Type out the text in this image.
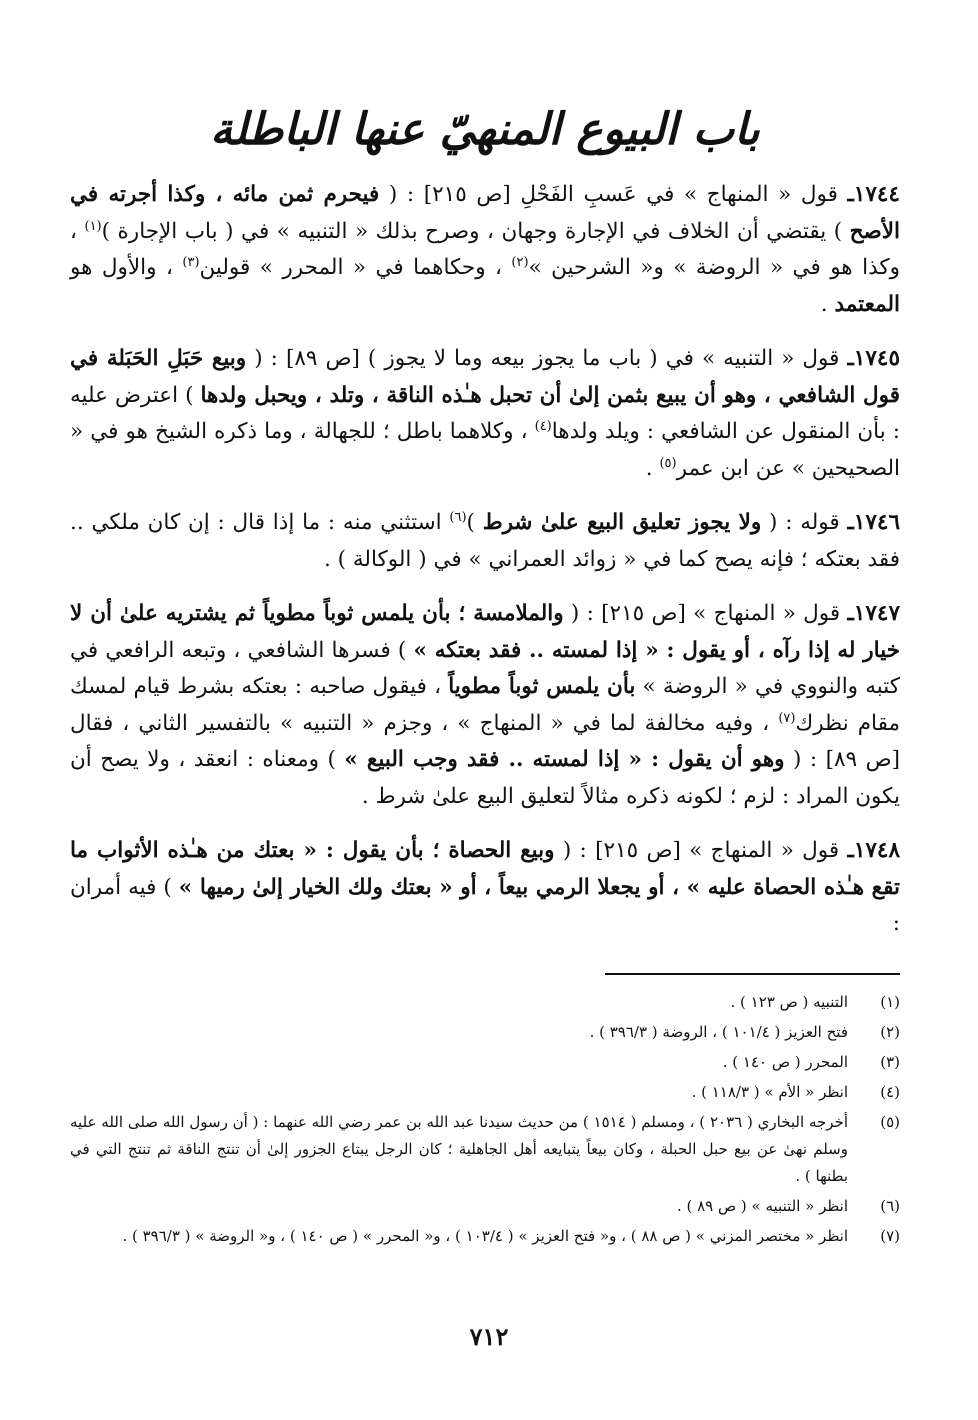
باب البيوع المنهيّ عنها الباطلة

١٧٤٤ـ قول « المنهاج » في عَسبِ الفَحْلِ [ص ٢١٥] : ( فيحرم ثمن مائه ، وكذا أجرته في الأصح ) يقتضي أن الخلاف في الإجارة وجهان ، وصرح بذلك « التنبيه » في ( باب الإجارة )$^{(١)}$ ، وكذا هو في « الروضة » و« الشرحين »$^{(٢)}$ ، وحكاهما في « المحرر » قولين$^{(٣)}$ ، والأول هو المعتمد .

١٧٤٥ـ قول « التنبيه » في ( باب ما يجوز بيعه وما لا يجوز ) [ص ٨٩] : ( وبيع حَبَلِ الحَبَلة في قول الشافعي ، وهو أن يبيع بثمن إلىٰ أن تحبل هـٰذه الناقة ، وتلد ، ويحبل ولدها ) اعترض عليه : بأن المنقول عن الشافعي : ويلد ولدها$^{(٤)}$ ، وكلاهما باطل ؛ للجهالة ، وما ذكره الشيخ هو في « الصحيحين » عن ابن عمر$^{(٥)}$ .

١٧٤٦ـ قوله : ( ولا يجوز تعليق البيع علىٰ شرط )$^{(٦)}$ استثني منه : ما إذا قال : إن كان ملكي .. فقد بعتكه ؛ فإنه يصح كما في « زوائد العمراني » في ( الوكالة ) .

١٧٤٧ـ قول « المنهاج » [ص ٢١٥] : ( والملامسة ؛ بأن يلمس ثوباً مطوياً ثم يشتريه علىٰ أن لا خيار له إذا رآه ، أو يقول : « إذا لمسته .. فقد بعتكه » ) فسرها الشافعي ، وتبعه الرافعي في كتبه والنووي في « الروضة » بأن يلمس ثوباً مطوياً ، فيقول صاحبه : بعتكه بشرط قيام لمسك مقام نظرك$^{(٧)}$ ، وفيه مخالفة لما في « المنهاج » ، وجزم « التنبيه » بالتفسير الثاني ، فقال [ص ٨٩] : ( وهو أن يقول : « إذا لمسته .. فقد وجب البيع » ) ومعناه : انعقد ، ولا يصح أن يكون المراد : لزم ؛ لكونه ذكره مثالاً لتعليق البيع علىٰ شرط .

١٧٤٨ـ قول « المنهاج » [ص ٢١٥] : ( وبيع الحصاة ؛ بأن يقول : « بعتك من هـٰذه الأثواب ما تقع هـٰذه الحصاة عليه » ، أو يجعلا الرمي بيعاً ، أو « بعتك ولك الخيار إلىٰ رميها » ) فيه أمران :

(١)
التنبيه ( ص ١٢٣ ) .
(٢)
فتح العزيز ( ١٠١/٤ ) ، الروضة ( ٣٩٦/٣ ) .
(٣)
المحرر ( ص ١٤٠ ) .
(٤)
انظر « الأم » ( ١١٨/٣ ) .
(٥)
أخرجه البخاري ( ٢٠٣٦ ) ، ومسلم ( ١٥١٤ ) من حديث سيدنا عبد الله بن عمر رضي الله عنهما : ( أن رسول الله صلى الله عليه وسلم نهىٰ عن بيع حبل الحبلة ، وكان بيعاً يتبايعه أهل الجاهلية ؛ كان الرجل يبتاع الجزور إلىٰ أن تنتج الناقة ثم تنتج التي في بطنها ) .
(٦)
انظر « التنبيه » ( ص ٨٩ ) .
(٧)
انظر « مختصر المزني » ( ص ٨٨ ) ، و« فتح العزيز » ( ١٠٣/٤ ) ، و« المحرر » ( ص ١٤٠ ) ، و« الروضة » ( ٣٩٦/٣ ) .
٧١٢
